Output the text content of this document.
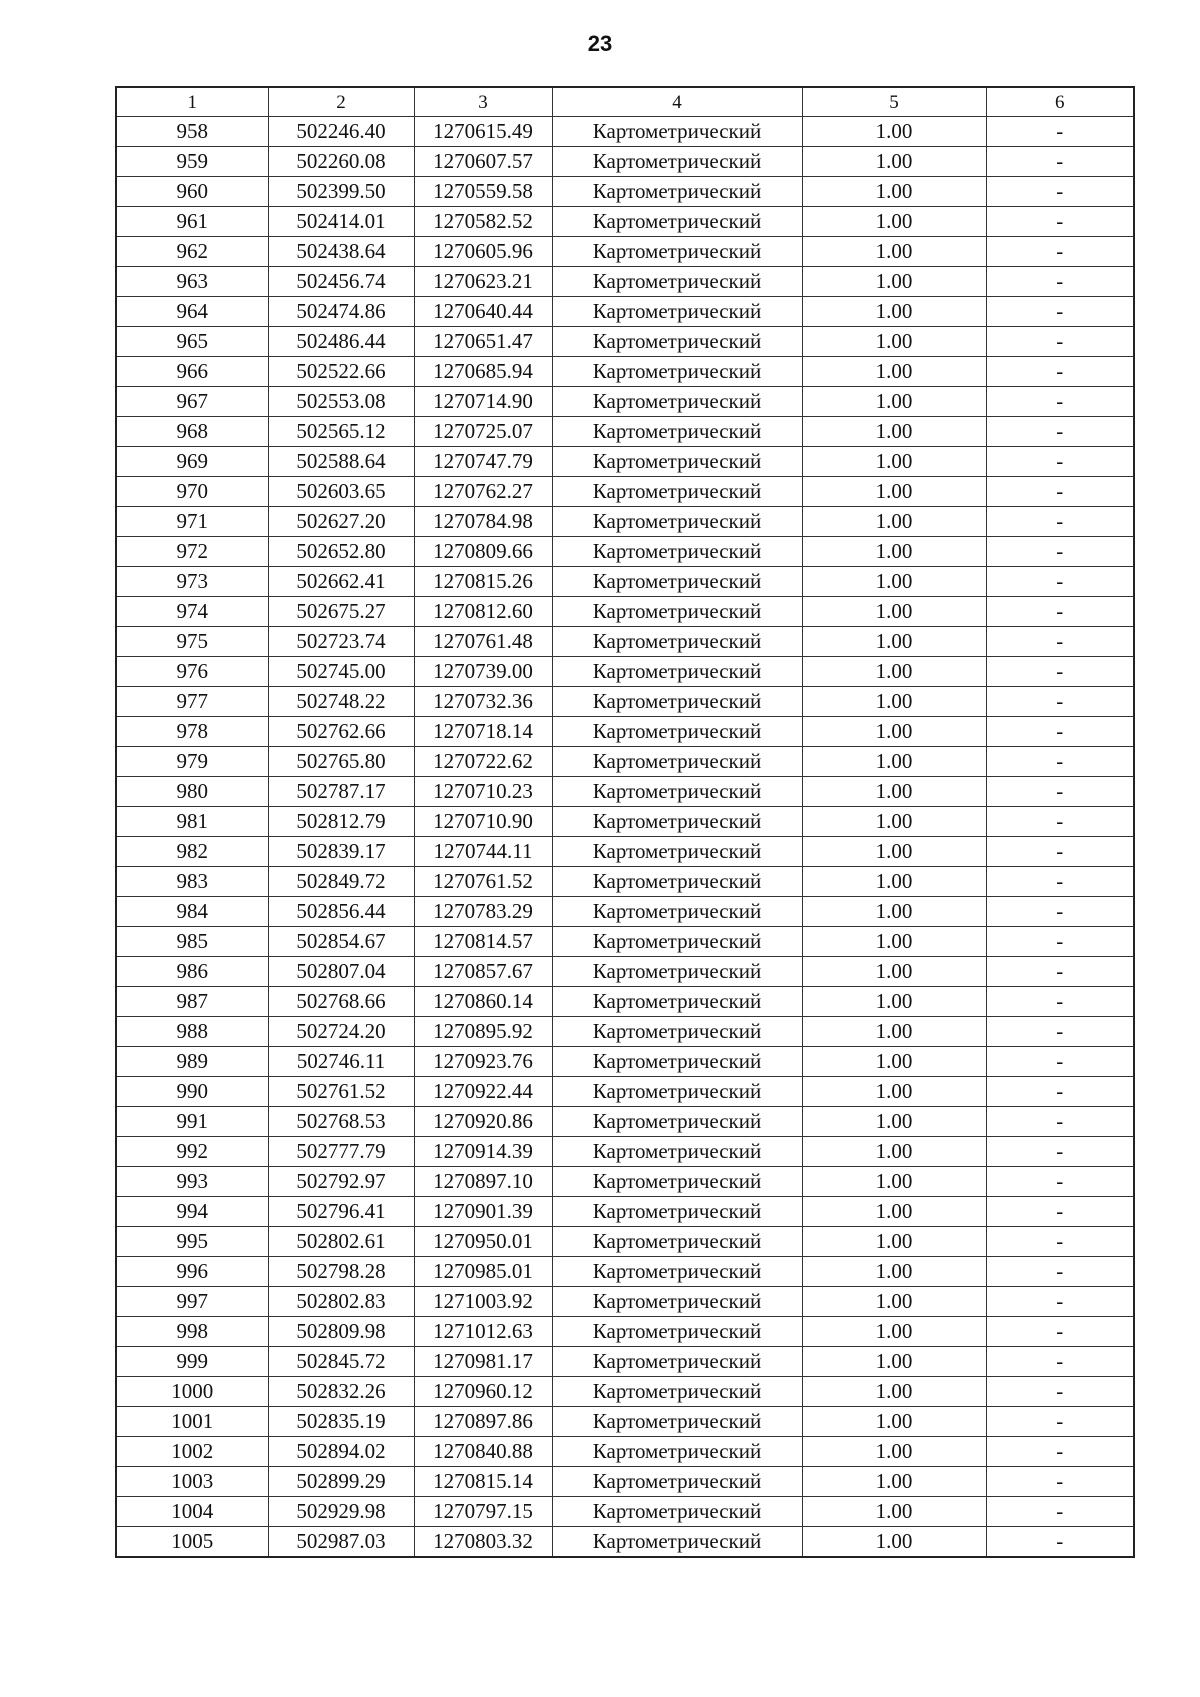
23
1	2	3	4	5	6
958	502246.40	1270615.49	Картометрический	1.00	-
959	502260.08	1270607.57	Картометрический	1.00	-
960	502399.50	1270559.58	Картометрический	1.00	-
961	502414.01	1270582.52	Картометрический	1.00	-
962	502438.64	1270605.96	Картометрический	1.00	-
963	502456.74	1270623.21	Картометрический	1.00	-
964	502474.86	1270640.44	Картометрический	1.00	-
965	502486.44	1270651.47	Картометрический	1.00	-
966	502522.66	1270685.94	Картометрический	1.00	-
967	502553.08	1270714.90	Картометрический	1.00	-
968	502565.12	1270725.07	Картометрический	1.00	-
969	502588.64	1270747.79	Картометрический	1.00	-
970	502603.65	1270762.27	Картометрический	1.00	-
971	502627.20	1270784.98	Картометрический	1.00	-
972	502652.80	1270809.66	Картометрический	1.00	-
973	502662.41	1270815.26	Картометрический	1.00	-
974	502675.27	1270812.60	Картометрический	1.00	-
975	502723.74	1270761.48	Картометрический	1.00	-
976	502745.00	1270739.00	Картометрический	1.00	-
977	502748.22	1270732.36	Картометрический	1.00	-
978	502762.66	1270718.14	Картометрический	1.00	-
979	502765.80	1270722.62	Картометрический	1.00	-
980	502787.17	1270710.23	Картометрический	1.00	-
981	502812.79	1270710.90	Картометрический	1.00	-
982	502839.17	1270744.11	Картометрический	1.00	-
983	502849.72	1270761.52	Картометрический	1.00	-
984	502856.44	1270783.29	Картометрический	1.00	-
985	502854.67	1270814.57	Картометрический	1.00	-
986	502807.04	1270857.67	Картометрический	1.00	-
987	502768.66	1270860.14	Картометрический	1.00	-
988	502724.20	1270895.92	Картометрический	1.00	-
989	502746.11	1270923.76	Картометрический	1.00	-
990	502761.52	1270922.44	Картометрический	1.00	-
991	502768.53	1270920.86	Картометрический	1.00	-
992	502777.79	1270914.39	Картометрический	1.00	-
993	502792.97	1270897.10	Картометрический	1.00	-
994	502796.41	1270901.39	Картометрический	1.00	-
995	502802.61	1270950.01	Картометрический	1.00	-
996	502798.28	1270985.01	Картометрический	1.00	-
997	502802.83	1271003.92	Картометрический	1.00	-
998	502809.98	1271012.63	Картометрический	1.00	-
999	502845.72	1270981.17	Картометрический	1.00	-
1000	502832.26	1270960.12	Картометрический	1.00	-
1001	502835.19	1270897.86	Картометрический	1.00	-
1002	502894.02	1270840.88	Картометрический	1.00	-
1003	502899.29	1270815.14	Картометрический	1.00	-
1004	502929.98	1270797.15	Картометрический	1.00	-
1005	502987.03	1270803.32	Картометрический	1.00	-
